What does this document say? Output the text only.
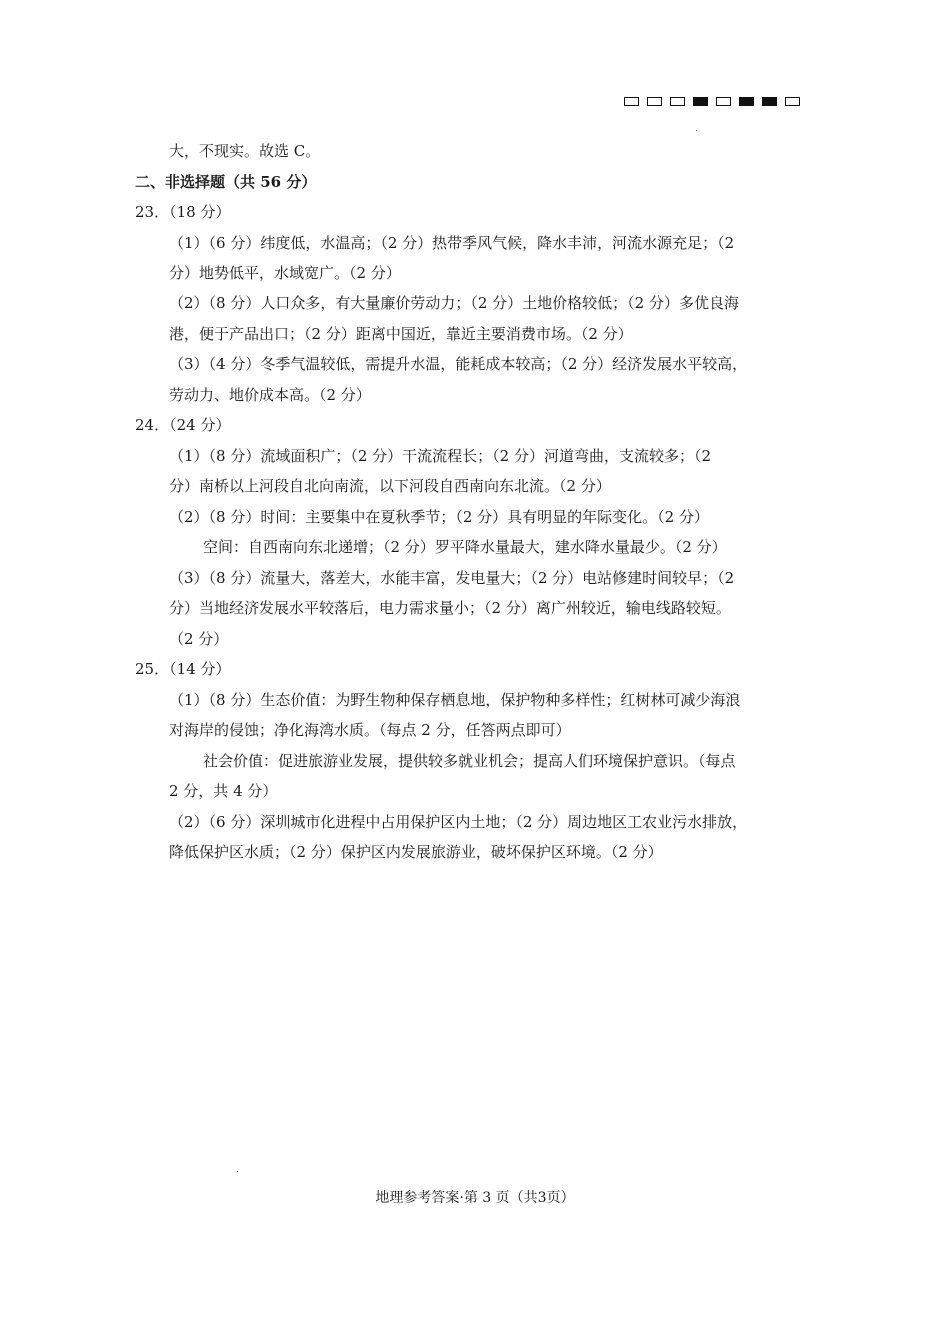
大，不现实。故选 C。
二、非选择题（共 56 分）
23．（18 分）
（1）（6 分）纬度低，水温高；（2 分）热带季风气候，降水丰沛，河流水源充足；（2
分）地势低平，水域宽广。（2 分）
（2）（8 分）人口众多，有大量廉价劳动力；（2 分）土地价格较低；（2 分）多优良海
港，便于产品出口；（2 分）距离中国近，靠近主要消费市场。（2 分）
（3）（4 分）冬季气温较低，需提升水温，能耗成本较高；（2 分）经济发展水平较高，
劳动力、地价成本高。（2 分）
24．（24 分）
（1）（8 分）流域面积广；（2 分）干流流程长；（2 分）河道弯曲，支流较多；（2
分）南桥以上河段自北向南流，以下河段自西南向东北流。（2 分）
（2）（8 分）时间：主要集中在夏秋季节；（2 分）具有明显的年际变化。（2 分）
空间：自西南向东北递增；（2 分）罗平降水量最大，建水降水量最少。（2 分）
（3）（8 分）流量大，落差大，水能丰富，发电量大；（2 分）电站修建时间较早；（2
分）当地经济发展水平较落后，电力需求量小；（2 分）离广州较近，输电线路较短。
（2 分）
25．（14 分）
（1）（8 分）生态价值：为野生物种保存栖息地，保护物种多样性；红树林可减少海浪
对海岸的侵蚀；净化海湾水质。（每点 2 分，任答两点即可）
社会价值：促进旅游业发展，提供较多就业机会；提高人们环境保护意识。（每点
2 分，共 4 分）
（2）（6 分）深圳城市化进程中占用保护区内土地；（2 分）周边地区工农业污水排放，
降低保护区水质；（2 分）保护区内发展旅游业，破坏保护区环境。（2 分）
地理参考答案·第 3 页（共3页）
